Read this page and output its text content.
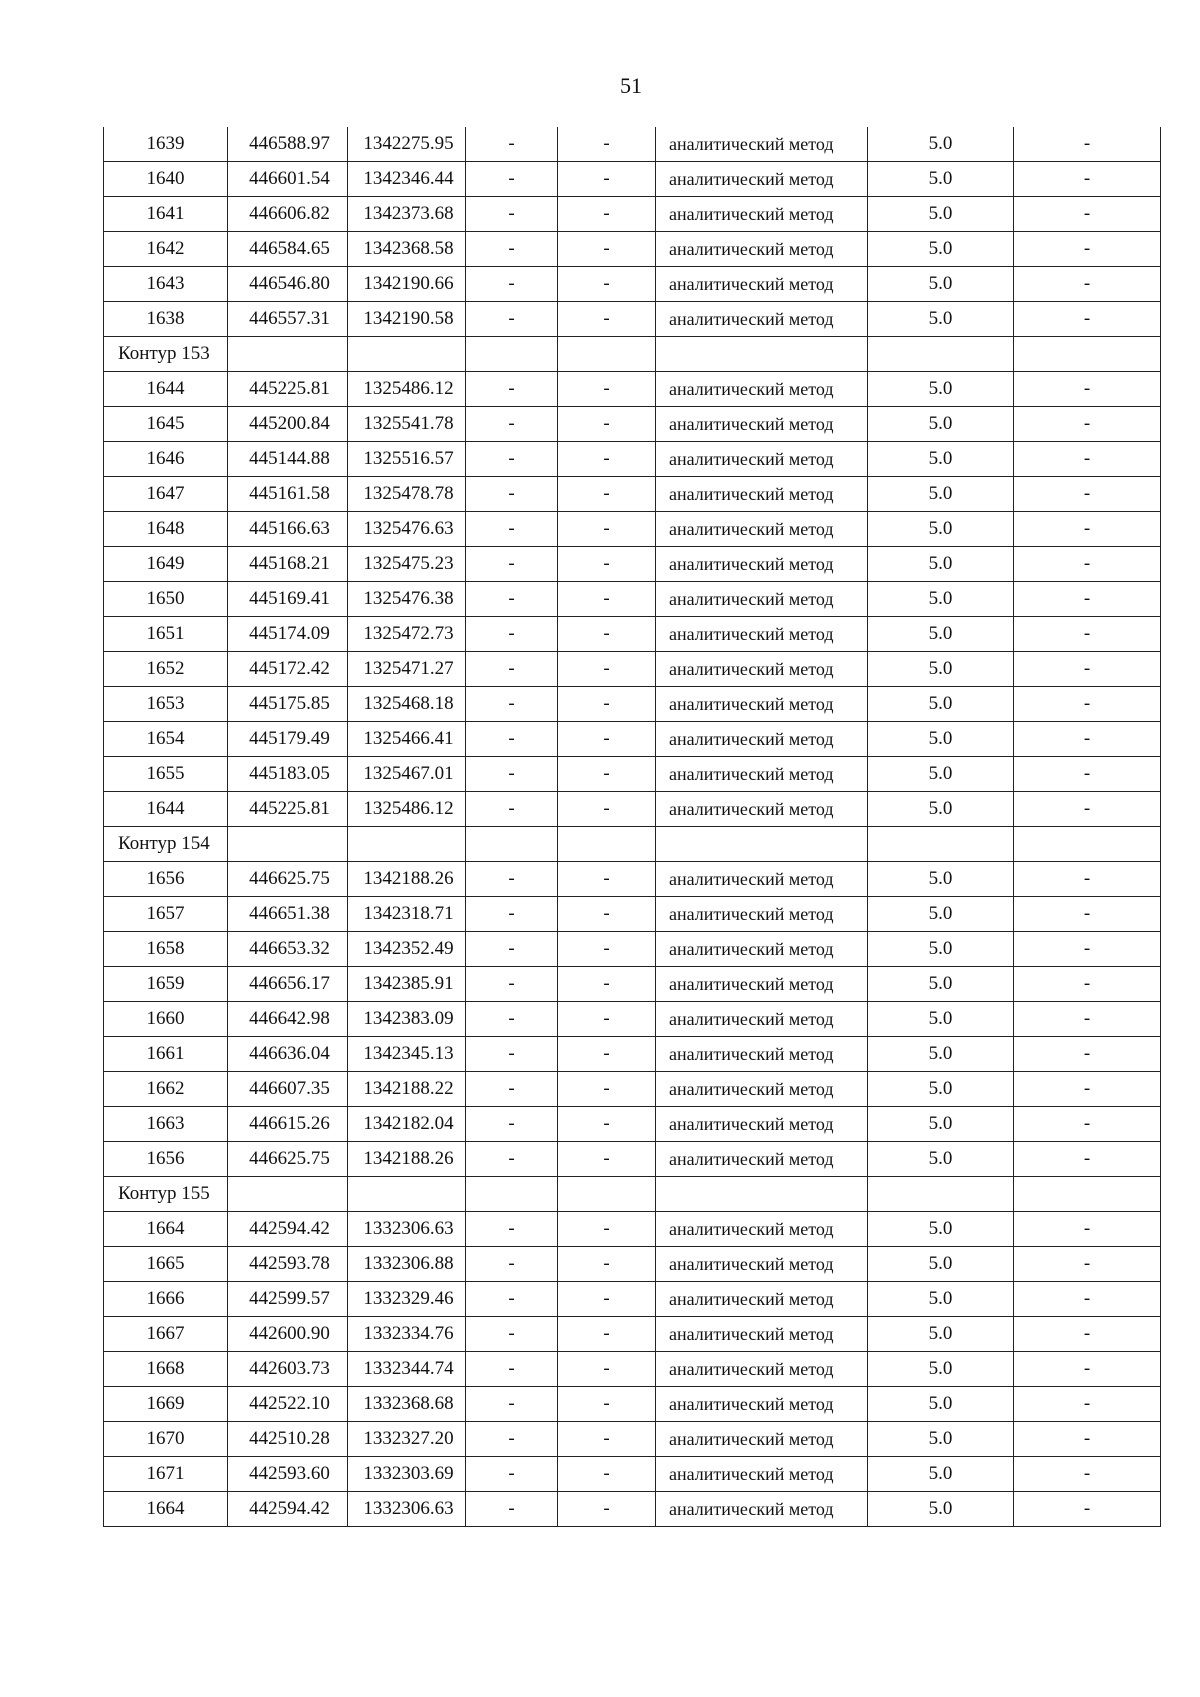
51
1639	446588.97	1342275.95	-	-	аналитический метод	5.0	-
1640	446601.54	1342346.44	-	-	аналитический метод	5.0	-
1641	446606.82	1342373.68	-	-	аналитический метод	5.0	-
1642	446584.65	1342368.58	-	-	аналитический метод	5.0	-
1643	446546.80	1342190.66	-	-	аналитический метод	5.0	-
1638	446557.31	1342190.58	-	-	аналитический метод	5.0	-
Контур 153							
1644	445225.81	1325486.12	-	-	аналитический метод	5.0	-
1645	445200.84	1325541.78	-	-	аналитический метод	5.0	-
1646	445144.88	1325516.57	-	-	аналитический метод	5.0	-
1647	445161.58	1325478.78	-	-	аналитический метод	5.0	-
1648	445166.63	1325476.63	-	-	аналитический метод	5.0	-
1649	445168.21	1325475.23	-	-	аналитический метод	5.0	-
1650	445169.41	1325476.38	-	-	аналитический метод	5.0	-
1651	445174.09	1325472.73	-	-	аналитический метод	5.0	-
1652	445172.42	1325471.27	-	-	аналитический метод	5.0	-
1653	445175.85	1325468.18	-	-	аналитический метод	5.0	-
1654	445179.49	1325466.41	-	-	аналитический метод	5.0	-
1655	445183.05	1325467.01	-	-	аналитический метод	5.0	-
1644	445225.81	1325486.12	-	-	аналитический метод	5.0	-
Контур 154							
1656	446625.75	1342188.26	-	-	аналитический метод	5.0	-
1657	446651.38	1342318.71	-	-	аналитический метод	5.0	-
1658	446653.32	1342352.49	-	-	аналитический метод	5.0	-
1659	446656.17	1342385.91	-	-	аналитический метод	5.0	-
1660	446642.98	1342383.09	-	-	аналитический метод	5.0	-
1661	446636.04	1342345.13	-	-	аналитический метод	5.0	-
1662	446607.35	1342188.22	-	-	аналитический метод	5.0	-
1663	446615.26	1342182.04	-	-	аналитический метод	5.0	-
1656	446625.75	1342188.26	-	-	аналитический метод	5.0	-
Контур 155							
1664	442594.42	1332306.63	-	-	аналитический метод	5.0	-
1665	442593.78	1332306.88	-	-	аналитический метод	5.0	-
1666	442599.57	1332329.46	-	-	аналитический метод	5.0	-
1667	442600.90	1332334.76	-	-	аналитический метод	5.0	-
1668	442603.73	1332344.74	-	-	аналитический метод	5.0	-
1669	442522.10	1332368.68	-	-	аналитический метод	5.0	-
1670	442510.28	1332327.20	-	-	аналитический метод	5.0	-
1671	442593.60	1332303.69	-	-	аналитический метод	5.0	-
1664	442594.42	1332306.63	-	-	аналитический метод	5.0	-
